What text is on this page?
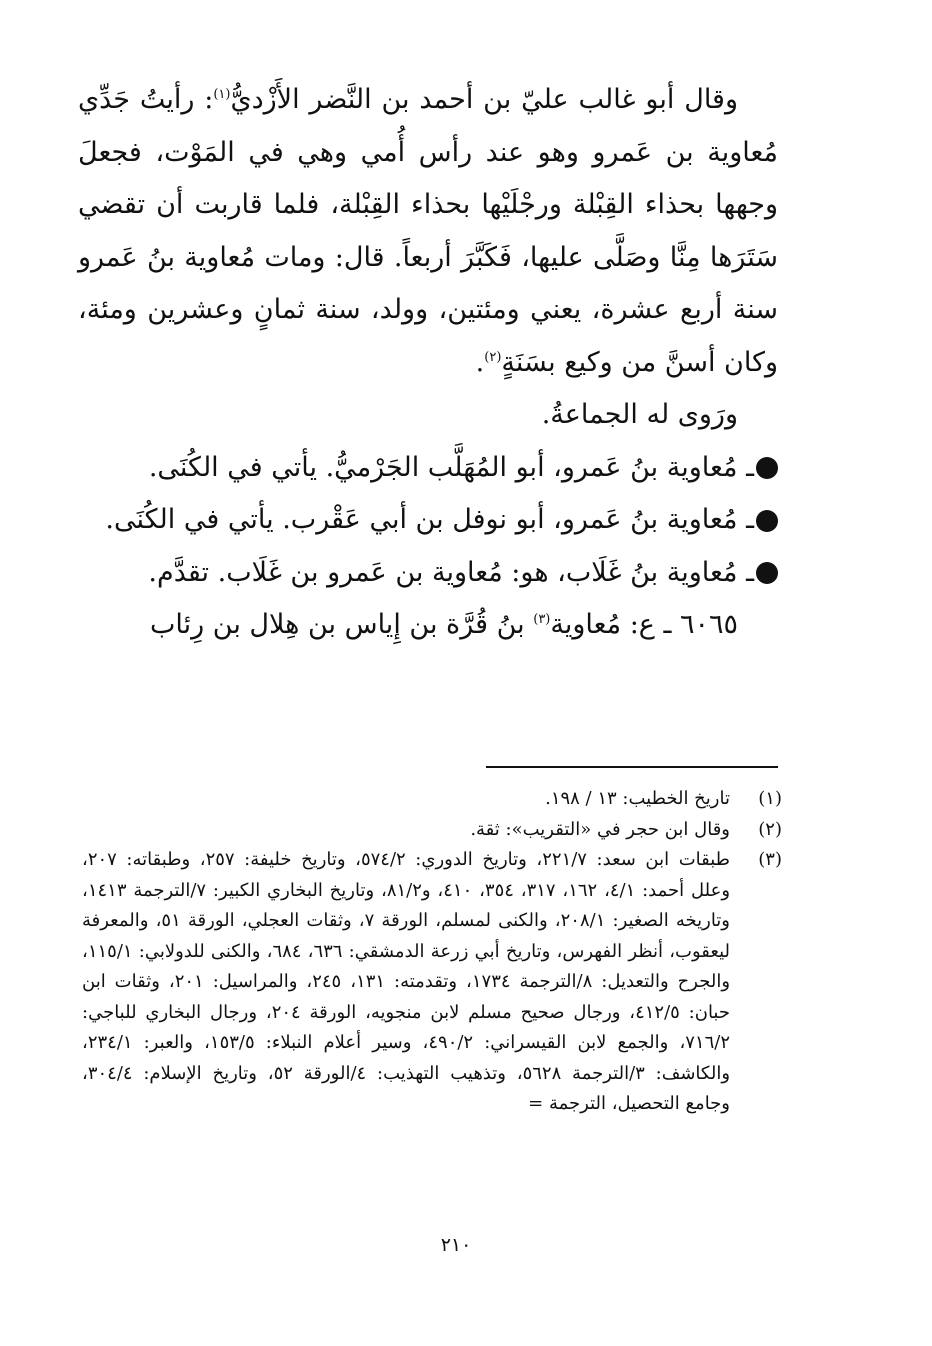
وقال أبو غالب عليّ بن أحمد بن النَّضر الأَزْديُّ$^{(١)}$: رأيتُ جَدِّي مُعاوية بن عَمرو وهو عند رأس أُمي وهي في المَوْت، فجعلَ وجهها بحذاء القِبْلة ورجْلَيْها بحذاء القِبْلة، فلما قاربت أن تقضي سَتَرَها مِنَّا وصَلَّى عليها، فَكَبَّرَ أربعاً. قال: ومات مُعاوية بنُ عَمرو سنة أربع عشرة، يعني ومئتين، وولد، سنة ثمانٍ وعشرين ومئة، وكان أسنَّ من وكيع بسَنَةٍ$^{(٢)}$.

ورَوى له الجماعةُ.

ـ مُعاوية بنُ عَمرو، أبو المُهَلَّب الجَرْميُّ. يأتي في الكُنَى.

ـ مُعاوية بنُ عَمرو، أبو نوفل بن أبي عَقْرب. يأتي في الكُنَى.

ـ مُعاوية بنُ غَلَاب، هو: مُعاوية بن عَمرو بن غَلَاب. تقدَّم.

٦٠٦٥ ـ ع: مُعاوية$^{(٣)}$ بنُ قُرَّة بن إِياس بن هِلال بن رِئاب

(١)
تاريخ الخطيب: ١٣ / ١٩٨.
(٢)
وقال ابن حجر في «التقريب»: ثقة.
(٣)
طبقات ابن سعد: ٢٢١/٧، وتاريخ الدوري: ٥٧٤/٢، وتاريخ خليفة: ٢٥٧، وطبقاته: ٢٠٧، وعلل أحمد: ٤/١، ١٦٢، ٣١٧، ٣٥٤، ٤١٠، و٨١/٢، وتاريخ البخاري الكبير: ٧/الترجمة ١٤١٣، وتاريخه الصغير: ٢٠٨/١، والكنى لمسلم، الورقة ٧، وثقات العجلي، الورقة ٥١، والمعرفة ليعقوب، أنظر الفهرس، وتاريخ أبي زرعة الدمشقي: ٦٣٦، ٦٨٤، والكنى للدولابي: ١١٥/١، والجرح والتعديل: ٨/الترجمة ١٧٣٤، وتقدمته: ١٣١، ٢٤٥، والمراسيل: ٢٠١، وثقات ابن حبان: ٤١٢/٥، ورجال صحيح مسلم لابن منجويه، الورقة ٢٠٤، ورجال البخاري للباجي: ٧١٦/٢، والجمع لابن القيسراني: ٤٩٠/٢، وسير أعلام النبلاء: ١٥٣/٥، والعبر: ٢٣٤/١، والكاشف: ٣/الترجمة ٥٦٢٨، وتذهيب التهذيب: ٤/الورقة ٥٢، وتاريخ الإسلام: ٣٠٤/٤، وجامع التحصيل، الترجمة =
٢١٠
